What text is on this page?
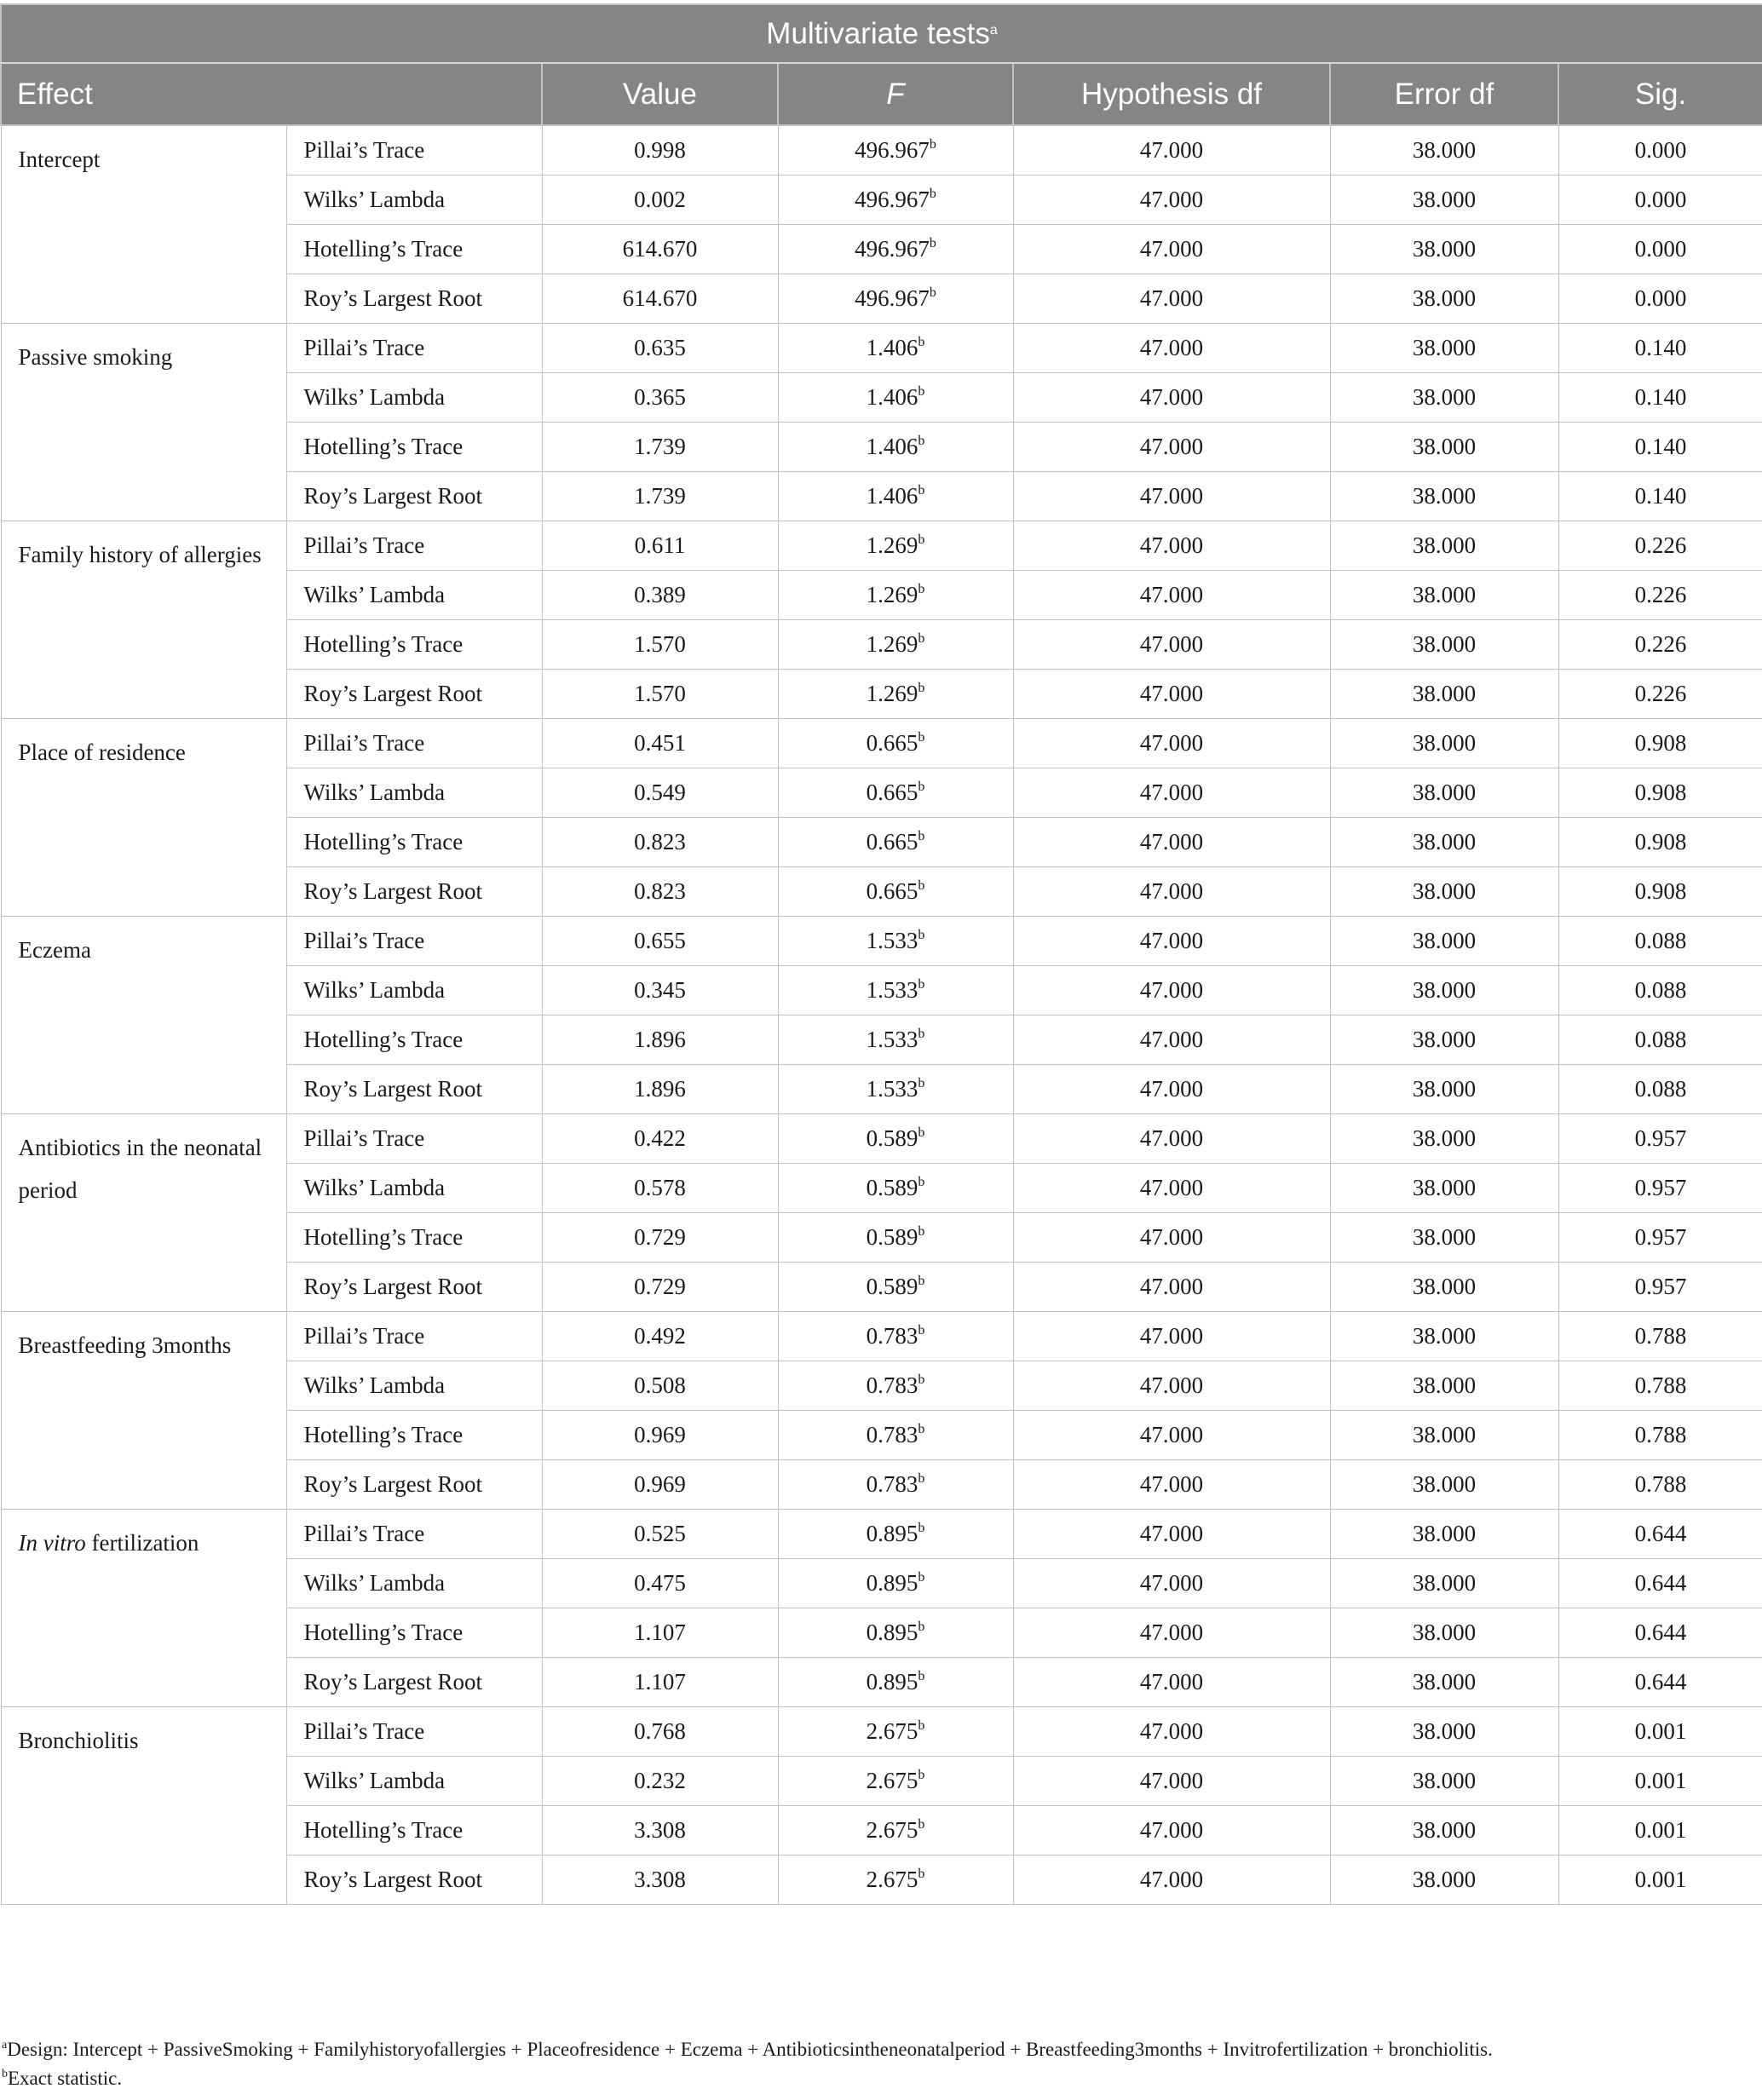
Multivariate tests$^a$
Effect		Value	F	Hypothesis df	Error df	Sig.
Intercept	Pillai’s Trace	0.998	496.967$^b$	47.000	38.000	0.000
	Wilks’ Lambda	0.002	496.967$^b$	47.000	38.000	0.000
	Hotelling’s Trace	614.670	496.967$^b$	47.000	38.000	0.000
	Roy’s Largest Root	614.670	496.967$^b$	47.000	38.000	0.000
Passive smoking	Pillai’s Trace	0.635	1.406$^b$	47.000	38.000	0.140
	Wilks’ Lambda	0.365	1.406$^b$	47.000	38.000	0.140
	Hotelling’s Trace	1.739	1.406$^b$	47.000	38.000	0.140
	Roy’s Largest Root	1.739	1.406$^b$	47.000	38.000	0.140
Family history of allergies	Pillai’s Trace	0.611	1.269$^b$	47.000	38.000	0.226
	Wilks’ Lambda	0.389	1.269$^b$	47.000	38.000	0.226
	Hotelling’s Trace	1.570	1.269$^b$	47.000	38.000	0.226
	Roy’s Largest Root	1.570	1.269$^b$	47.000	38.000	0.226
Place of residence	Pillai’s Trace	0.451	0.665$^b$	47.000	38.000	0.908
	Wilks’ Lambda	0.549	0.665$^b$	47.000	38.000	0.908
	Hotelling’s Trace	0.823	0.665$^b$	47.000	38.000	0.908
	Roy’s Largest Root	0.823	0.665$^b$	47.000	38.000	0.908
Eczema	Pillai’s Trace	0.655	1.533$^b$	47.000	38.000	0.088
	Wilks’ Lambda	0.345	1.533$^b$	47.000	38.000	0.088
	Hotelling’s Trace	1.896	1.533$^b$	47.000	38.000	0.088
	Roy’s Largest Root	1.896	1.533$^b$	47.000	38.000	0.088
Antibiotics in the neonatal period	Pillai’s Trace	0.422	0.589$^b$	47.000	38.000	0.957
	Wilks’ Lambda	0.578	0.589$^b$	47.000	38.000	0.957
	Hotelling’s Trace	0.729	0.589$^b$	47.000	38.000	0.957
	Roy’s Largest Root	0.729	0.589$^b$	47.000	38.000	0.957
Breastfeeding 3months	Pillai’s Trace	0.492	0.783$^b$	47.000	38.000	0.788
	Wilks’ Lambda	0.508	0.783$^b$	47.000	38.000	0.788
	Hotelling’s Trace	0.969	0.783$^b$	47.000	38.000	0.788
	Roy’s Largest Root	0.969	0.783$^b$	47.000	38.000	0.788
In vitro fertilization	Pillai’s Trace	0.525	0.895$^b$	47.000	38.000	0.644
	Wilks’ Lambda	0.475	0.895$^b$	47.000	38.000	0.644
	Hotelling’s Trace	1.107	0.895$^b$	47.000	38.000	0.644
	Roy’s Largest Root	1.107	0.895$^b$	47.000	38.000	0.644
Bronchiolitis	Pillai’s Trace	0.768	2.675$^b$	47.000	38.000	0.001
	Wilks’ Lambda	0.232	2.675$^b$	47.000	38.000	0.001
	Hotelling’s Trace	3.308	2.675$^b$	47.000	38.000	0.001
	Roy’s Largest Root	3.308	2.675$^b$	47.000	38.000	0.001
$^a$Design: Intercept + PassiveSmoking + Familyhistoryofallergies + Placeofresidence + Eczema + Antibioticsintheneonatalperiod + Breastfeeding3months + Invitrofertilization + bronchiolitis.
$^b$Exact statistic.
